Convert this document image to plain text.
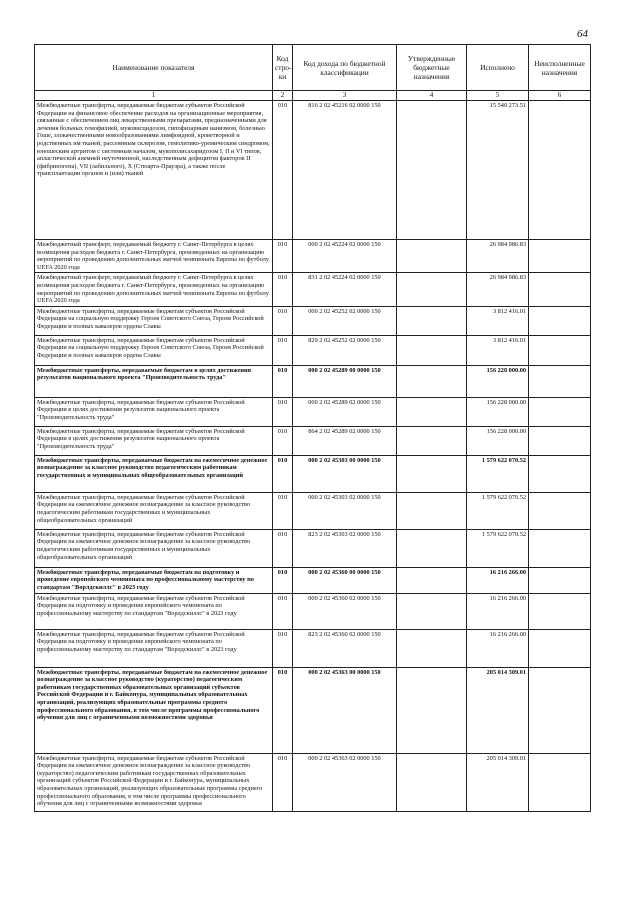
64
Наименование показателя	Код стро- ки	Код дохода по бюджетной классификации	Утвержденные бюджетные назначения	Исполнено	Неисполненные назначения
1	2	3	4	5	6
Межбюджетные трансферты, передаваемые бюджетам субъектов Российской Федерации на финансовое обеспечение расходов на организационные мероприятия, связанные с обеспечением лиц лекарственными препаратами, предназначенными для лечения больных гемофилией, муковисцидозом, гипофизарным нанизмом, болезнью Гоше, злокачественными новообразованиями лимфоидной, кроветворной и родственных им тканей, рассеянным склерозом, гемолитико-уремическим синдромом, юношеским артритом с системным началом, мукополисахаридозом I, II и VI типов, апластической анемией неуточненной, наследственным дефицитом факторов II (фибриногена), VII (лабильного), X (Стюарта-Прауэра), а также после трансплантации органов и (или) тканей	010	816 2 02 45216 02 0000 150		15 540 273.51	
Межбюджетный трансферт, передаваемый бюджету г. Санкт-Петербурга в целях возмещения расходов бюджета г. Санкт-Петербурга, произведенных на организацию мероприятий по проведению дополнительных матчей чемпионата Европы по футболу UEFA 2020 года	010	000 2 02 45224 02 0000 150		26 984 986.83	
Межбюджетный трансферт, передаваемый бюджету г. Санкт-Петербурга в целях возмещения расходов бюджета г. Санкт-Петербурга, произведенных на организацию мероприятий по проведению дополнительных матчей чемпионата Европы по футболу UEFA 2020 года	010	831 2 02 45224 02 0000 150		26 984 986.83	
Межбюджетные трансферты, передаваемые бюджетам субъектов Российской Федерации на социальную поддержку Героев Советского Союза, Героев Российской Федерации и полных кавалеров ордена Славы	010	000 2 02 45252 02 0000 150		3 812 416.01	
Межбюджетные трансферты, передаваемые бюджетам субъектов Российской Федерации на социальную поддержку Героев Советского Союза, Героев Российской Федерации и полных кавалеров ордена Славы	010	829 2 02 45252 02 0000 150		3 812 416.01	
Межбюджетные трансферты, передаваемые бюджетам в целях достижения результатов национального проекта "Производительность труда"	010	000 2 02 45289 00 0000 150		156 228 000.00	
Межбюджетные трансферты, передаваемые бюджетам субъектов Российской Федерации в целях достижения результатов национального проекта "Производительность труда"	010	000 2 02 45289 02 0000 150		156 228 000.00	
Межбюджетные трансферты, передаваемые бюджетам субъектов Российской Федерации в целях достижения результатов национального проекта "Производительность труда"	010	864 2 02 45289 02 0000 150		156 228 000.00	
Межбюджетные трансферты, передаваемые бюджетам на ежемесячное денежное вознаграждение за классное руководство педагогическим работникам государственных и муниципальных общеобразовательных организаций	010	000 2 02 45303 00 0000 150		1 579 622 070.52	
Межбюджетные трансферты, передаваемые бюджетам субъектов Российской Федерации на ежемесячное денежное вознаграждение за классное руководство педагогическим работникам государственных и муниципальных общеобразовательных организаций	010	000 2 02 45303 02 0000 150		1 579 622 070.52	
Межбюджетные трансферты, передаваемые бюджетам субъектов Российской Федерации на ежемесячное денежное вознаграждение за классное руководство педагогическим работникам государственных и муниципальных общеобразовательных организаций	010	823 2 02 45303 02 0000 150		1 579 622 070.52	
Межбюджетные трансферты, передаваемые бюджетам на подготовку и проведение европейского чемпионата по профессиональному мастерству по стандартам "Ворлдскиллс" в 2023 году	010	000 2 02 45360 00 0000 150		16 216 266.00	
Межбюджетные трансферты, передаваемые бюджетам субъектов Российской Федерации на подготовку и проведение европейского чемпионата по профессиональному мастерству по стандартам "Ворлдскиллс" в 2023 году	010	000 2 02 45360 02 0000 150		16 216 266.00	
Межбюджетные трансферты, передаваемые бюджетам субъектов Российской Федерации на подготовку и проведение европейского чемпионата по профессиональному мастерству по стандартам "Ворлдскиллс" в 2023 году	010	823 2 02 45360 02 0000 150		16 216 266.00	
Межбюджетные трансферты, передаваемые бюджетам на ежемесячное денежное вознаграждение за классное руководство (кураторство) педагогическим работникам государственных образовательных организаций субъектов Российской Федерации и г. Байконура, муниципальных образовательных организаций, реализующих образовательные программы среднего профессионального образования, в том числе программы профессионального обучения для лиц с ограниченными возможностями здоровья	010	000 2 02 45363 00 0000 150		205 014 309.01	
Межбюджетные трансферты, передаваемые бюджетам субъектов Российской Федерации на ежемесячное денежное вознаграждение за классное руководство (кураторство) педагогическим работникам государственных образовательных организаций субъектов Российской Федерации и г. Байконура, муниципальных образовательных организаций, реализующих образовательные программы среднего профессионального образования, в том числе программы профессионального обучения для лиц с ограниченными возможностями здоровья	010	000 2 02 45363 02 0000 150		205 014 309.01	
